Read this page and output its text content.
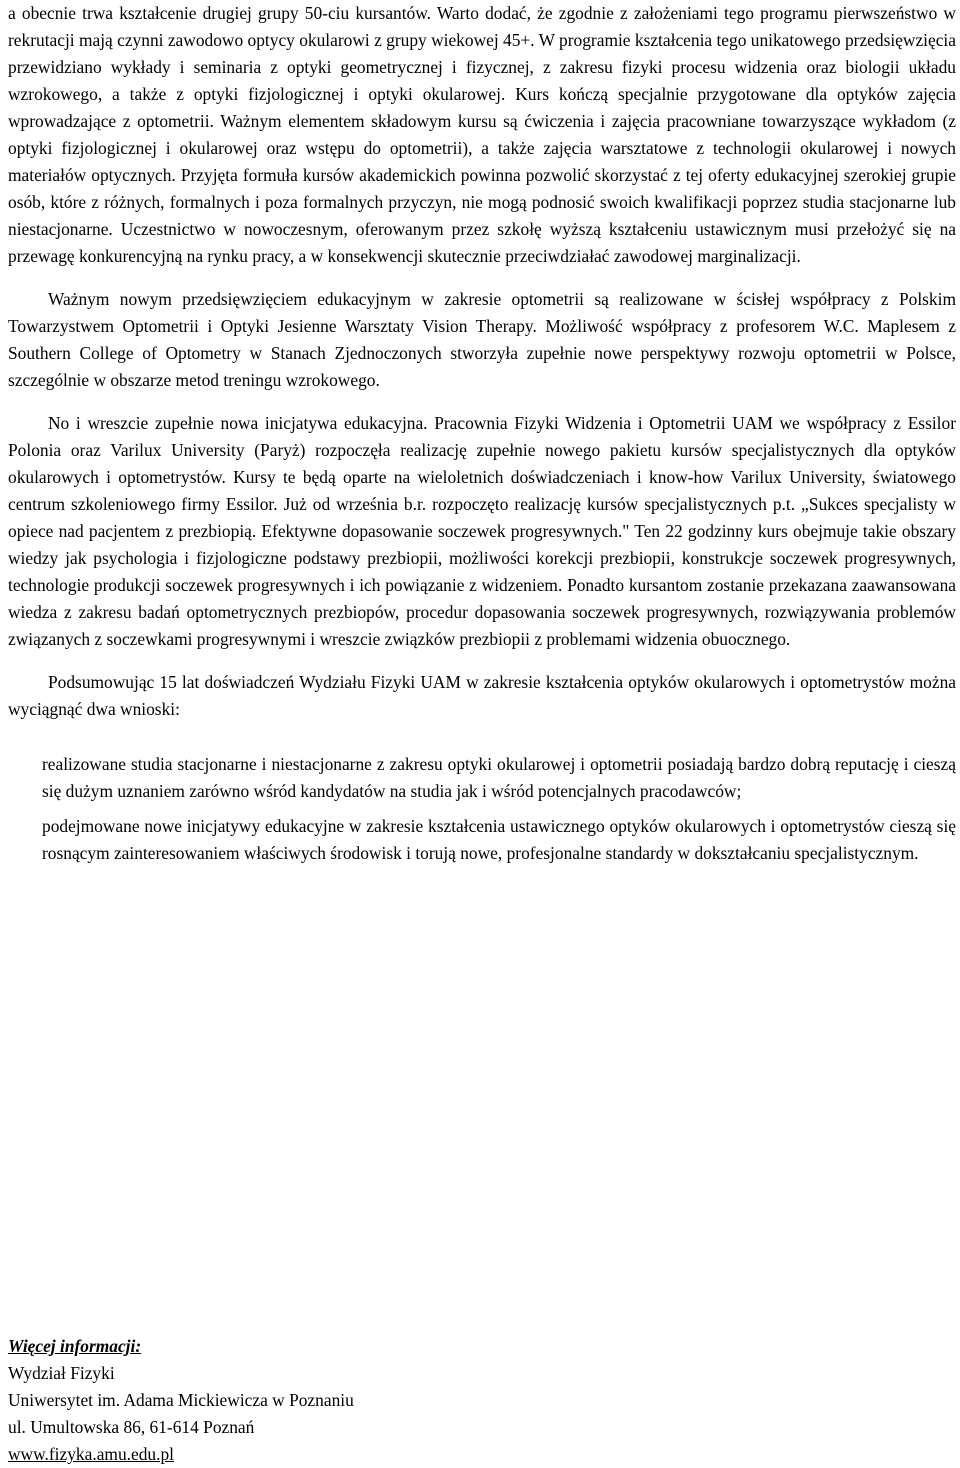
a obecnie trwa kształcenie drugiej grupy 50-ciu kursantów. Warto dodać, że zgodnie z założeniami tego programu pierwszeństwo w rekrutacji mają czynni zawodowo optycy okularowi z grupy wiekowej 45+. W programie kształcenia tego unikatowego przedsięwzięcia przewidziano wykłady i seminaria z optyki geometrycznej i fizycznej, z zakresu fizyki procesu widzenia oraz biologii układu wzrokowego, a także z optyki fizjologicznej i optyki okularowej. Kurs kończą specjalnie przygotowane dla optyków zajęcia wprowadzające z optometrii. Ważnym elementem składowym kursu są ćwiczenia i zajęcia pracowniane towarzyszące wykładom (z optyki fizjologicznej i okularowej oraz wstępu do optometrii), a także zajęcia warsztatowe z technologii okularowej i nowych materiałów optycznych. Przyjęta formuła kursów akademickich powinna pozwolić skorzystać z tej oferty edukacyjnej szerokiej grupie osób, które z różnych, formalnych i poza formalnych przyczyn, nie mogą podnosić swoich kwalifikacji poprzez studia stacjonarne lub niestacjonarne. Uczestnictwo w nowoczesnym, oferowanym przez szkołę wyższą kształceniu ustawicznym musi przełożyć się na przewagę konkurencyjną na rynku pracy, a w konsekwencji skutecznie przeciwdziałać zawodowej marginalizacji.

Ważnym nowym przedsięwzięciem edukacyjnym w zakresie optometrii są realizowane w ścisłej współpracy z Polskim Towarzystwem Optometrii i Optyki Jesienne Warsztaty Vision Therapy. Możliwość współpracy z profesorem W.C. Maplesem z Southern College of Optometry w Stanach Zjednoczonych stworzyła zupełnie nowe perspektywy rozwoju optometrii w Polsce, szczególnie w obszarze metod treningu wzrokowego.

No i wreszcie zupełnie nowa inicjatywa edukacyjna. Pracownia Fizyki Widzenia i Optometrii UAM we współpracy z Essilor Polonia oraz Varilux University (Paryż) rozpoczęła realizację zupełnie nowego pakietu kursów specjalistycznych dla optyków okularowych i optometrystów. Kursy te będą oparte na wieloletnich doświadczeniach i know-how Varilux University, światowego centrum szkoleniowego firmy Essilor. Już od września b.r. rozpoczęto realizację kursów specjalistycznych p.t. „Sukces specjalisty w opiece nad pacjentem z prezbiopią. Efektywne dopasowanie soczewek progresywnych." Ten 22 godzinny kurs obejmuje takie obszary wiedzy jak psychologia i fizjologiczne podstawy prezbiopii, możliwości korekcji prezbiopii, konstrukcje soczewek progresywnych, technologie produkcji soczewek progresywnych i ich powiązanie z widzeniem. Ponadto kursantom zostanie przekazana zaawansowana wiedza z zakresu badań optometrycznych prezbiopów, procedur dopasowania soczewek progresywnych, rozwiązywania problemów związanych z soczewkami progresywnymi i wreszcie związków prezbiopii z problemami widzenia obuocznego.

Podsumowując 15 lat doświadczeń Wydziału Fizyki UAM w zakresie kształcenia optyków okularowych i optometrystów można wyciągnąć dwa wnioski:

realizowane studia stacjonarne i niestacjonarne z zakresu optyki okularowej i optometrii posiadają bardzo dobrą reputację i cieszą się dużym uznaniem zarówno wśród kandydatów na studia jak i wśród potencjalnych pracodawców;

podejmowane nowe inicjatywy edukacyjne w zakresie kształcenia ustawicznego optyków okularowych i optometrystów cieszą się rosnącym zainteresowaniem właściwych środowisk i torują nowe, profesjonalne standardy w dokształcaniu specjalistycznym.

Więcej informacji:
Wydział Fizyki
Uniwersytet im. Adama Mickiewicza w Poznaniu
ul. Umultowska 86, 61-614 Poznań
www.fizyka.amu.edu.pl
